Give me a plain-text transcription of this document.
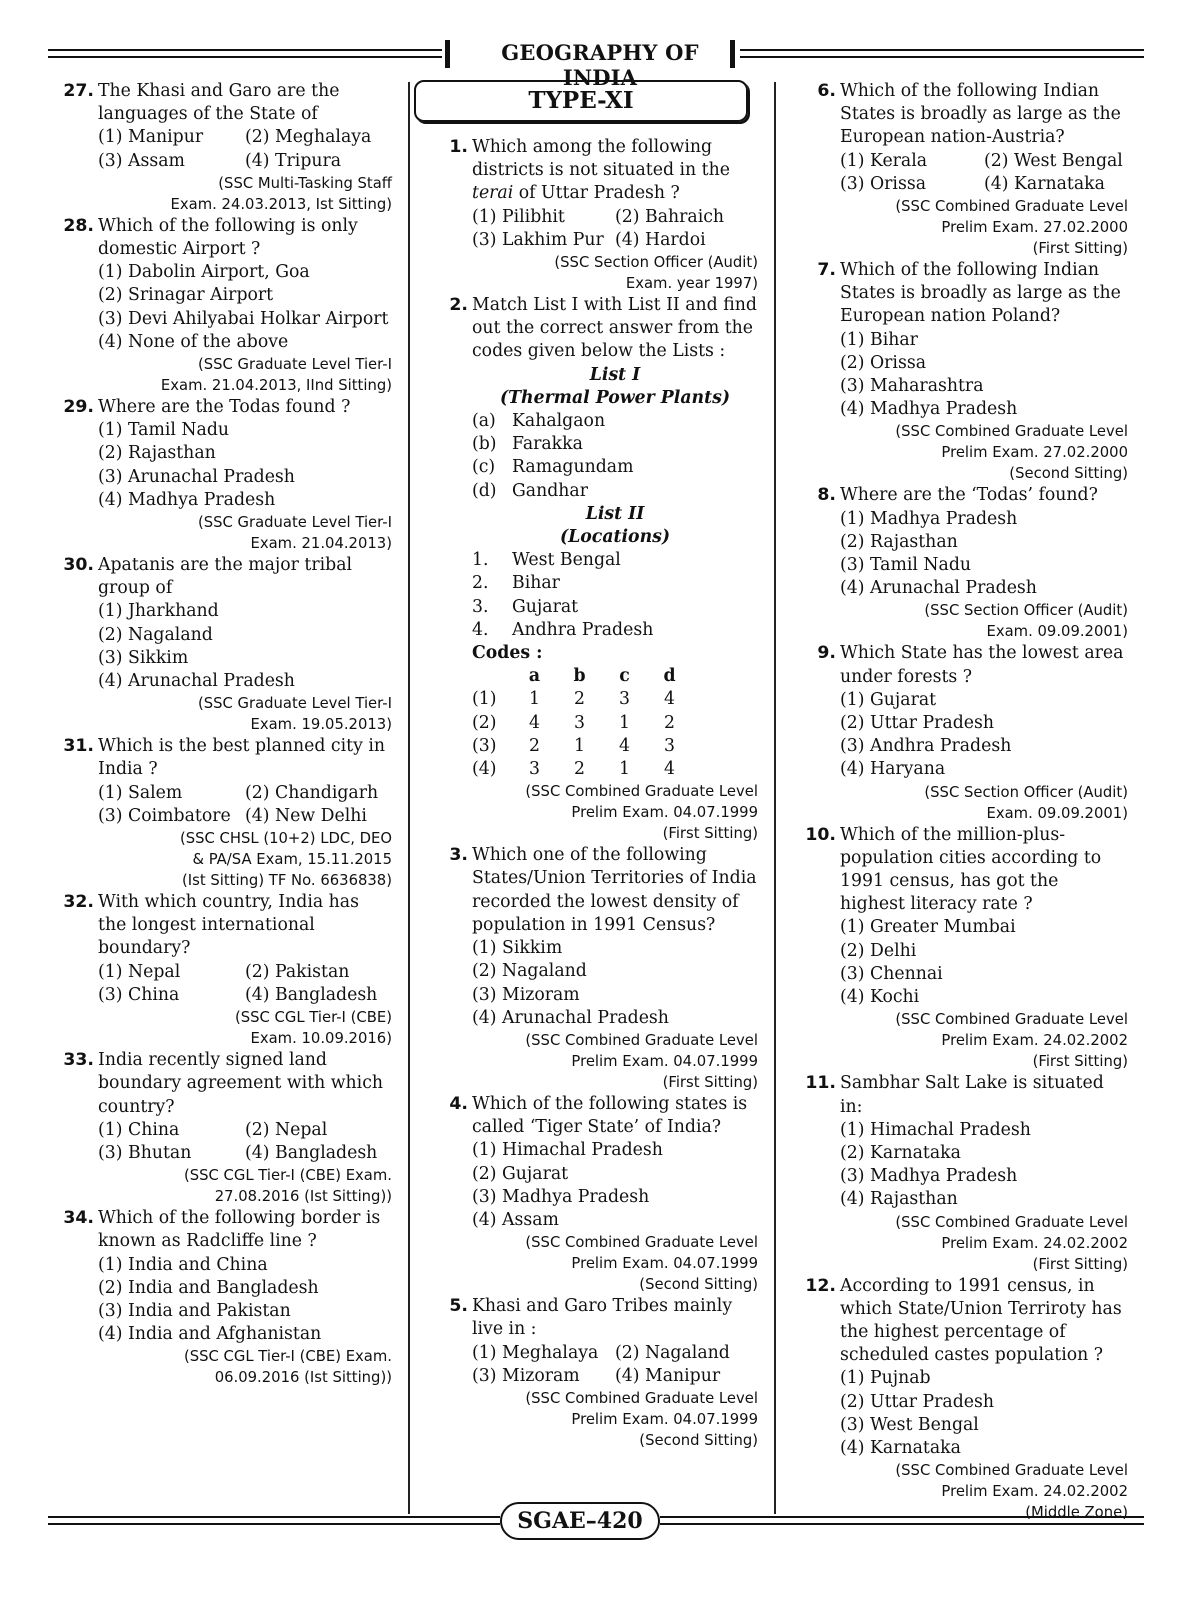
GEOGRAPHY OF INDIA
27. The Khasi and Garo are the languages of the State of
(1) Manipur	(2) Meghalaya
(3) Assam	(4) Tripura
(SSC Multi-Tasking Staff
Exam. 24.03.2013, Ist Sitting)
28. Which of the following is only domestic Airport ?
(1) Dabolin Airport, Goa
(2) Srinagar Airport
(3) Devi Ahilyabai Holkar Airport
(4) None of the above
(SSC Graduate Level Tier-I
Exam. 21.04.2013, IInd Sitting)
29. Where are the Todas found ?
(1) Tamil Nadu
(2) Rajasthan
(3) Arunachal Pradesh
(4) Madhya Pradesh
(SSC Graduate Level Tier-I
Exam. 21.04.2013)
30. Apatanis are the major tribal group of
(1) Jharkhand
(2) Nagaland
(3) Sikkim
(4) Arunachal Pradesh
(SSC Graduate Level Tier-I
Exam. 19.05.2013)
31. Which is the best planned city in India ?
(1) Salem	(2) Chandigarh
(3) Coimbatore (4) New Delhi
(SSC CHSL (10+2) LDC, DEO
& PA/SA Exam, 15.11.2015
(Ist Sitting) TF No. 6636838)
32. With which country, India has the longest international boundary?
(1) Nepal	(2) Pakistan
(3) China	(4) Bangladesh
(SSC CGL Tier-I (CBE)
Exam. 10.09.2016)
33. India recently signed land boundary agreement with which country?
(1) China	(2) Nepal
(3) Bhutan	(4) Bangladesh
(SSC CGL Tier-I (CBE) Exam.
27.08.2016 (Ist Sitting))
34. Which of the following border is known as Radcliffe line ?
(1) India and China
(2) India and Bangladesh
(3) India and Pakistan
(4) India and Afghanistan
(SSC CGL Tier-I (CBE) Exam.
06.09.2016 (Ist Sitting))
TYPE-XI
1. Which among the following districts is not situated in the terai of Uttar Pradesh ?
(1) Pilibhit	(2) Bahraich
(3) Lakhim Pur (4) Hardoi
(SSC Section Officer (Audit)
Exam. year 1997)
2. Match List I with List II and find out the correct answer from the codes given below the Lists :
List I
(Thermal Power Plants)
(a) Kahalgaon
(b) Farakka
(c) Ramagundam
(d) Gandhar
List II
(Locations)
1.	West Bengal
2.	Bihar
3.	Gujarat
4.	Andhra Pradesh
Codes :
a	b	c	d
(1)	1	2	3	4
(2)	4	3	1	2
(3)	2	1	4	3
(4)	3	2	1	4
(SSC Combined Graduate Level
Prelim Exam. 04.07.1999
(First Sitting)
3. Which one of the following States/Union Territories of India recorded the lowest density of population in 1991 Census?
(1) Sikkim
(2) Nagaland
(3) Mizoram
(4) Arunachal Pradesh
(SSC Combined Graduate Level
Prelim Exam. 04.07.1999
(First Sitting)
4. Which of the following states is called ‘Tiger State’ of India?
(1) Himachal Pradesh
(2) Gujarat
(3) Madhya Pradesh
(4) Assam
(SSC Combined Graduate Level
Prelim Exam. 04.07.1999
(Second Sitting)
5. Khasi and Garo Tribes mainly live in :
(1) Meghalaya (2) Nagaland
(3) Mizoram	(4) Manipur
(SSC Combined Graduate Level
Prelim Exam. 04.07.1999
(Second Sitting)
6. Which of the following Indian States is broadly as large as the European nation-Austria?
(1) Kerala	(2) West Bengal
(3) Orissa	(4) Karnataka
(SSC Combined Graduate Level
Prelim Exam. 27.02.2000
(First Sitting)
7. Which of the following Indian States is broadly as large as the European nation Poland?
(1) Bihar
(2) Orissa
(3) Maharashtra
(4) Madhya Pradesh
(SSC Combined Graduate Level
Prelim Exam. 27.02.2000
(Second Sitting)
8. Where are the ‘Todas’ found?
(1) Madhya Pradesh
(2) Rajasthan
(3) Tamil Nadu
(4) Arunachal Pradesh
(SSC Section Officer (Audit)
Exam. 09.09.2001)
9. Which State has the lowest area under forests ?
(1) Gujarat
(2) Uttar Pradesh
(3) Andhra Pradesh
(4) Haryana
(SSC Section Officer (Audit)
Exam. 09.09.2001)
10. Which of the million-plus-population cities according to 1991 census, has got the highest literacy rate ?
(1) Greater Mumbai
(2) Delhi
(3) Chennai
(4) Kochi
(SSC Combined Graduate Level
Prelim Exam. 24.02.2002
(First Sitting)
11. Sambhar Salt Lake is situated in:
(1) Himachal Pradesh
(2) Karnataka
(3) Madhya Pradesh
(4) Rajasthan
(SSC Combined Graduate Level
Prelim Exam. 24.02.2002
(First Sitting)
12. According to 1991 census, in which State/Union Terriroty has the highest percentage of scheduled castes population ?
(1) Pujnab
(2) Uttar Pradesh
(3) West Bengal
(4) Karnataka
(SSC Combined Graduate Level
Prelim Exam. 24.02.2002
(Middle Zone)
SGAE–420
